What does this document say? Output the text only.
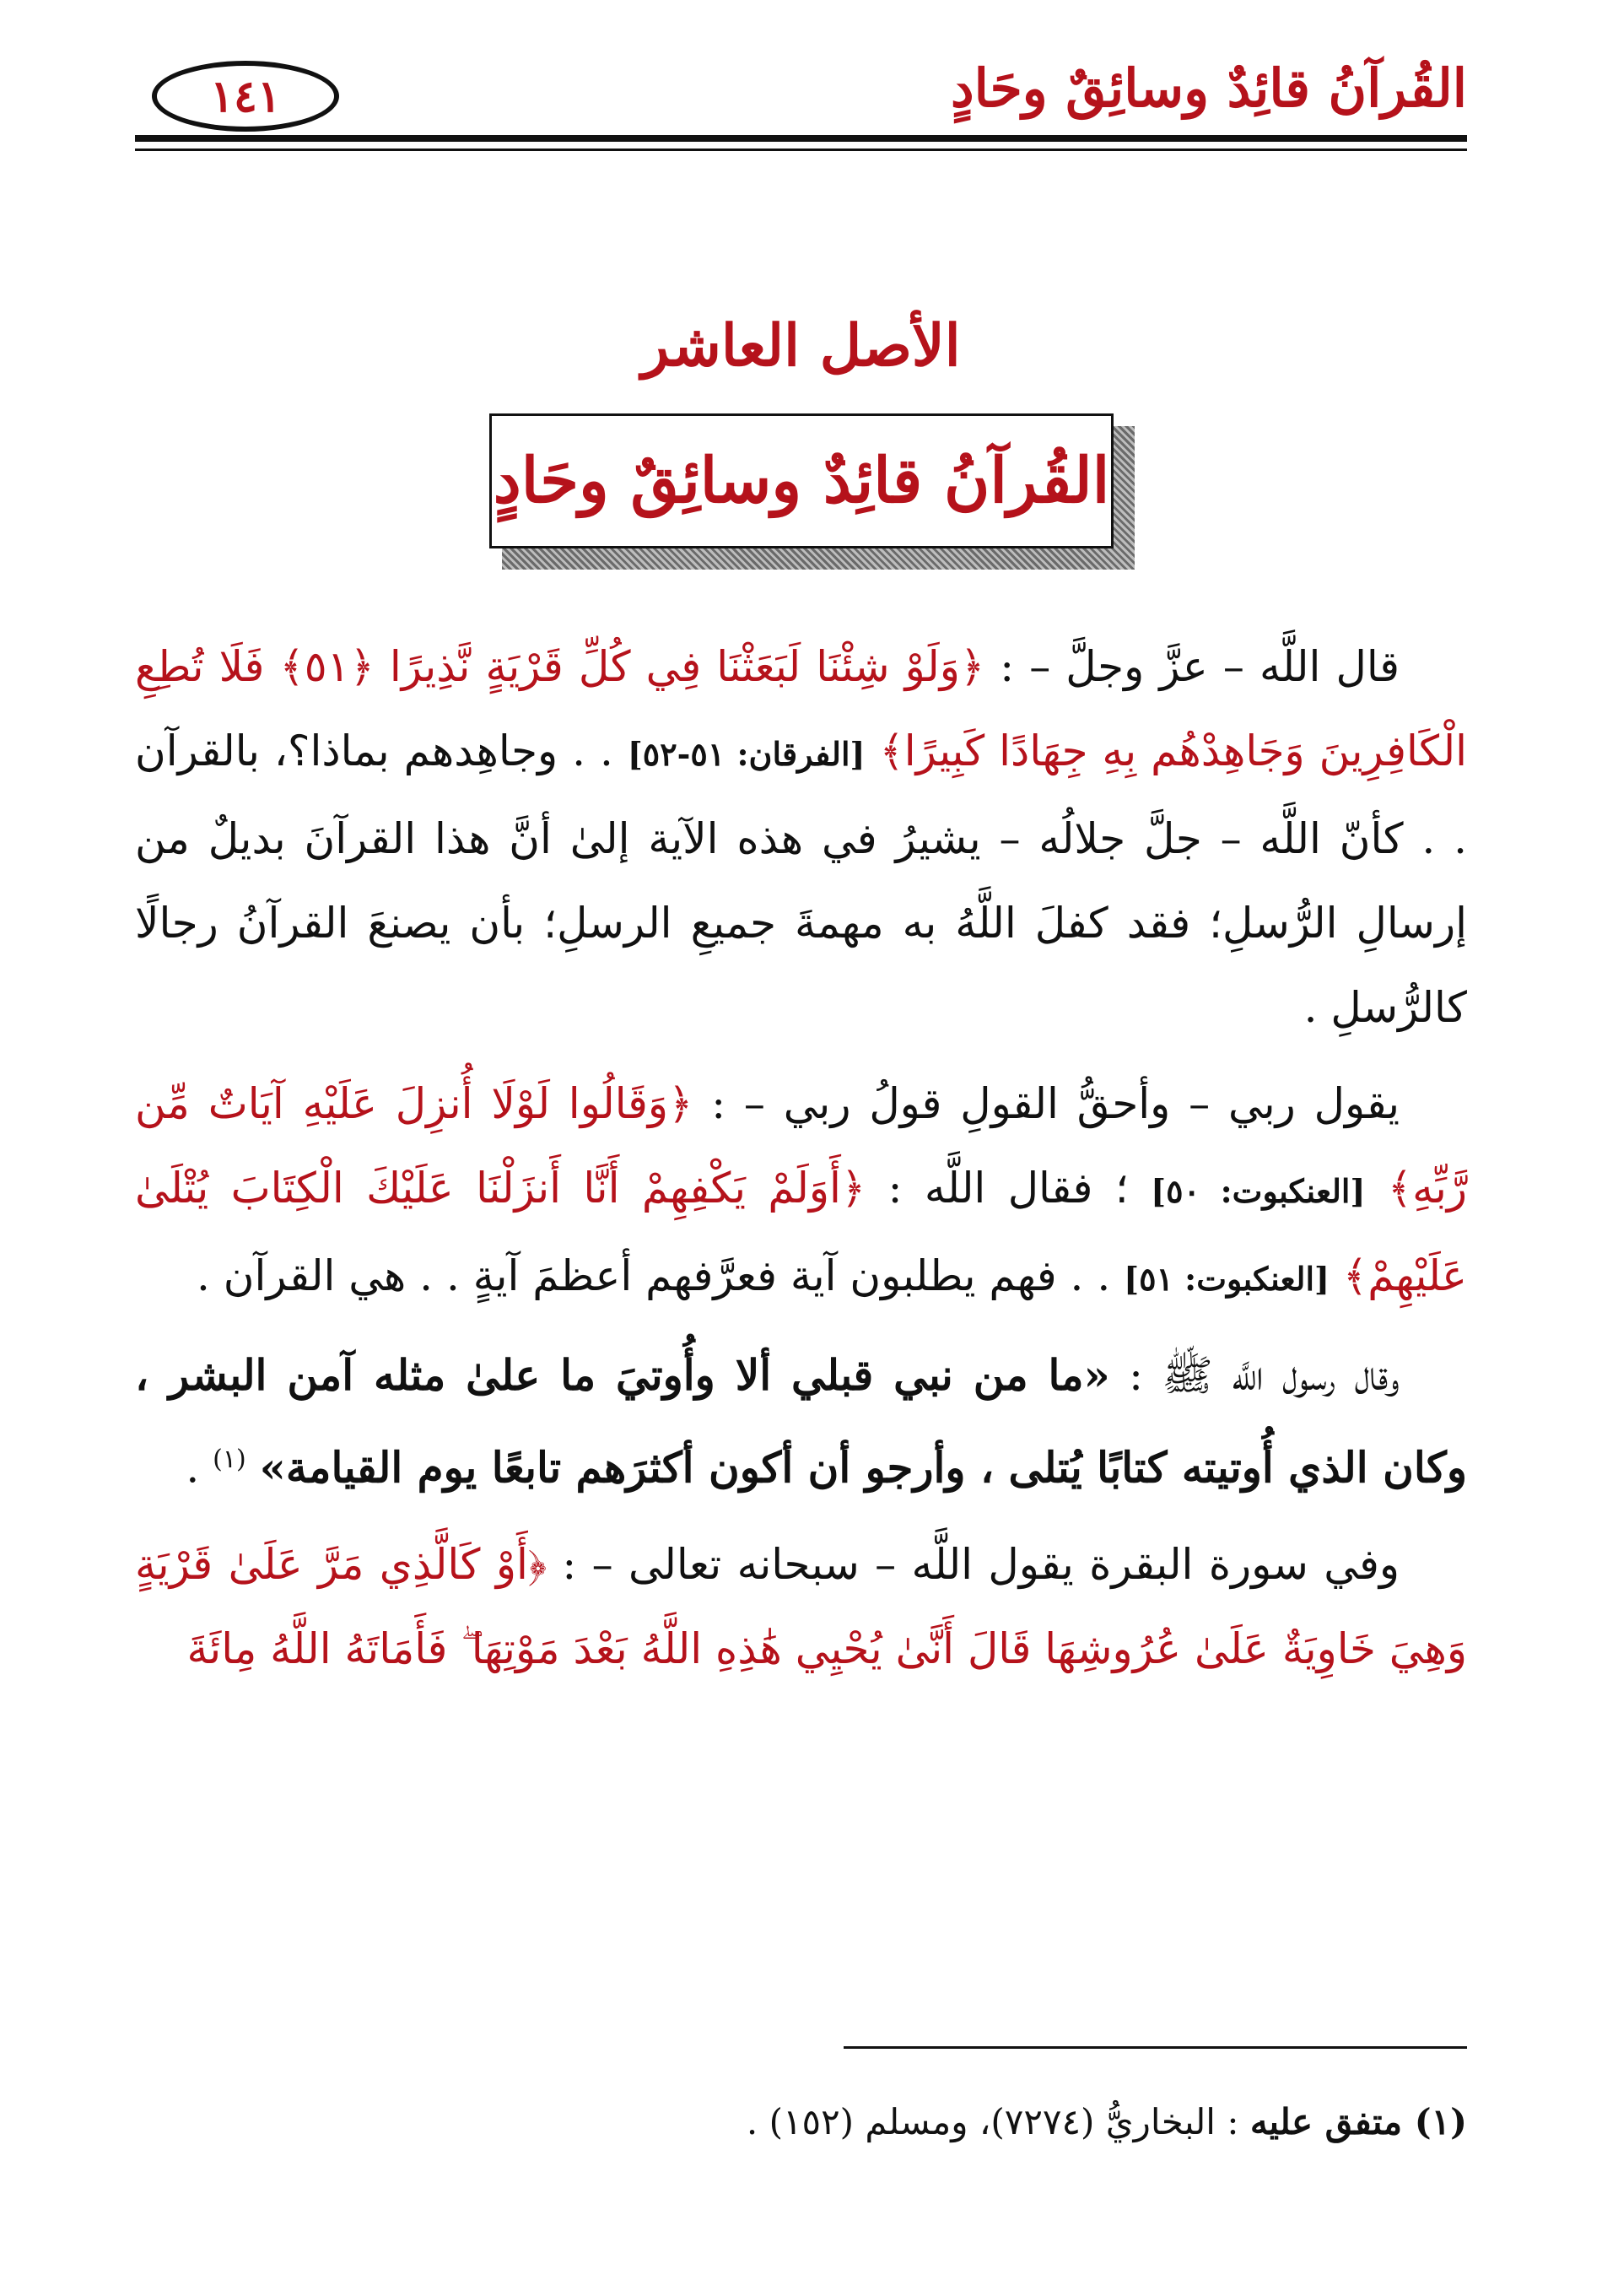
القُرآنُ قائِدٌ وسائِقٌ وحَادٍ
١٤١
الأصل العاشر
القُرآنُ قائِدٌ وسائِقٌ وحَادٍ

قال اللَّه – عزَّ وجلَّ – : ﴿وَلَوْ شِئْنَا لَبَعَثْنَا فِي كُلِّ قَرْيَةٍ نَّذِيرًا ﴿٥١﴾ فَلَا تُطِعِ الْكَافِرِينَ وَجَاهِدْهُم بِهِ جِهَادًا كَبِيرًا﴾ [الفرقان: ٥١-٥٢] . . وجاهِدهم بماذا؟، بالقرآن . . كأنّ اللَّه – جلَّ جلالُه – يشيرُ في هذه الآية إلىٰ أنَّ هذا القرآنَ بديلٌ من إرسالِ الرُّسلِ؛ فقد كفلَ اللَّهُ به مهمةَ جميعِ الرسلِ؛ بأن يصنعَ القرآنُ رجالًا كالرُّسلِ .

يقول ربي – وأحقُّ القولِ قولُ ربي – : ﴿وَقَالُوا لَوْلَا أُنزِلَ عَلَيْهِ آيَاتٌ مِّن رَّبِّهِ﴾ [العنكبوت: ٥٠] ؛ فقال اللَّه : ﴿أَوَلَمْ يَكْفِهِمْ أَنَّا أَنزَلْنَا عَلَيْكَ الْكِتَابَ يُتْلَىٰ عَلَيْهِمْ﴾ [العنكبوت: ٥١] . . فهم يطلبون آية فعرَّفهم أعظمَ آيةٍ . . هي القرآن .

وقال رسول اللَّه ﷺ : «ما من نبي قبلي ألا وأُوتيَ ما علىٰ مثله آمن البشر ، وكان الذي أُوتيته كتابًا يُتلى ، وأرجو أن أكون أكثرَهم تابعًا يوم القيامة» $^{(١)}$ .

وفي سورة البقرة يقول اللَّه – سبحانه تعالى – : ﴿أَوْ كَالَّذِي مَرَّ عَلَىٰ قَرْيَةٍ وَهِيَ خَاوِيَةٌ عَلَىٰ عُرُوشِهَا قَالَ أَنَّىٰ يُحْيِي هَٰذِهِ اللَّهُ بَعْدَ مَوْتِهَا ۖ فَأَمَاتَهُ اللَّهُ مِائَةَ

(١) متفق عليه : البخاريُّ (٧٢٧٤)، ومسلم (١٥٢) .
